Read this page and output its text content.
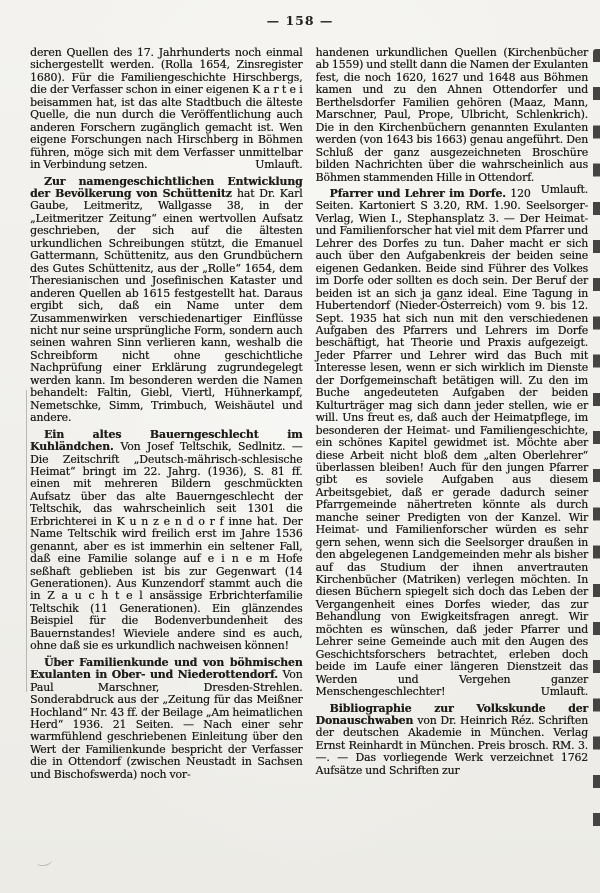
— 158 —

deren Quellen des 17. Jahrhunderts noch einmal sichergestellt werden. (Rolla 1654, Zinsregister 1680). Für die Familiengeschichte Hirschbergs, die der Verfasser schon in einer eigenen K a r t e i beisammen hat, ist das alte Stadtbuch die älteste Quelle, die nun durch die Veröffentlichung auch anderen Forschern zugänglich gemacht ist. Wen eigene Forschungen nach Hirschberg in Böhmen führen, möge sich mit dem Verfasser unmittelbar in Verbindung setzen.	Umlauft.

Zur namengeschichtlichen Entwicklung der Bevölkerung von Schüttenitz hat Dr. Karl Gaube, Leitmeritz, Wallgasse 38, in der „Leitmeritzer Zeitung“ einen wertvollen Aufsatz geschrieben, der sich auf die ältesten urkundlichen Schreibungen stützt, die Emanuel Gattermann, Schüttenitz, aus den Grundbüchern des Gutes Schüttenitz, aus der „Rolle“ 1654, dem Theresianischen und Josefinischen Kataster und anderen Quellen ab 1615 festgestellt hat. Daraus ergibt sich, daß ein Name unter dem Zusammenwirken verschiedenartiger Einflüsse nicht nur seine ursprüngliche Form, sondern auch seinen wahren Sinn verlieren kann, weshalb die Schreibform nicht ohne geschichtliche Nachprüfung einer Erklärung zugrundegelegt werden kann. Im besonderen werden die Namen behandelt: Faltin, Giebl, Viertl, Hühnerkampf, Nemetschke, Simm, Trimbuch, Weishäutel und andere.

Ein altes Bauerngeschlecht im Kuhländchen. Von Josef Teltschik, Sedlnitz. — Die Zeitschrift „Deutsch-mährisch-schlesische Heimat“ bringt im 22. Jahrg. (1936), S. 81 ff. einen mit mehreren Bildern geschmückten Aufsatz über das alte Bauerngeschlecht der Teltschik, das wahrscheinlich seit 1301 die Erbrichterei in K u n z e n d o r f inne hat. Der Name Teltschik wird freilich erst im Jahre 1536 genannt, aber es ist immerhin ein seltener Fall, daß eine Familie solange auf e i n e m Hofe seßhaft geblieben ist bis zur Gegenwart (14 Generationen). Aus Kunzendorf stammt auch die in Z a u c h t e l ansässige Erbrichterfamilie Teltschik (11 Generationen). Ein glänzendes Beispiel für die Bodenverbundenheit des Bauernstandes! Wieviele andere sind es auch, ohne daß sie es urkundlich nachweisen können!

Über Familienkunde und von böhmischen Exulanten in Ober- und Niederottendorf. Von Paul Marschner, Dresden-Strehlen. Sonderabdruck aus der „Zeitung für das Meißner Hochland“ Nr. 43 ff. der Beilage „Am heimatlichen Herd“ 1936. 21 Seiten. — Nach einer sehr warmfühlend geschriebenen Einleitung über den Wert der Familienkunde bespricht der Verfasser die in Ottendorf (zwischen Neustadt in Sachsen und Bischofswerda) noch vor-

handenen urkundlichen Quellen (Kirchenbücher ab 1559) und stellt dann die Namen der Exulanten fest, die noch 1620, 1627 und 1648 aus Böhmen kamen und zu den Ahnen Ottendorfer und Berthelsdorfer Familien gehören (Maaz, Mann, Marschner, Paul, Prope, Ulbricht, Schlenkrich). Die in den Kirchenbüchern genannten Exulanten werden (von 1643 bis 1663) genau angeführt. Den Schluß der ganz ausgezeichneten Broschüre bilden Nachrichten über die wahrscheinlich aus Böhmen stammenden Hille in Ottendorf.
Umlauft.

Pfarrer und Lehrer im Dorfe. 120 Seiten. Kartoniert S 3.20, RM. 1.90. Seelsorger-Verlag, Wien I., Stephansplatz 3. — Der Heimat- und Familienforscher hat viel mit dem Pfarrer und Lehrer des Dorfes zu tun. Daher macht er sich auch über den Aufgabenkreis der beiden seine eigenen Gedanken. Beide sind Führer des Volkes im Dorfe oder sollten es doch sein. Der Beruf der beiden ist an sich ja ganz ideal. Eine Tagung in Hubertendorf (Nieder-Österreich) vom 9. bis 12. Sept. 1935 hat sich nun mit den verschiedenen Aufgaben des Pfarrers und Lehrers im Dorfe beschäftigt, hat Theorie und Praxis aufgezeigt. Jeder Pfarrer und Lehrer wird das Buch mit Interesse lesen, wenn er sich wirklich im Dienste der Dorfgemeinschaft betätigen will. Zu den im Buche angedeuteten Aufgaben der beiden Kulturträger mag sich dann jeder stellen, wie er will. Uns freut es, daß auch der Heimatpflege, im besonderen der Heimat- und Familiengeschichte, ein schönes Kapitel gewidmet ist. Möchte aber diese Arbeit nicht bloß dem „alten Oberlehrer“ überlassen bleiben! Auch für den jungen Pfarrer gibt es soviele Aufgaben aus diesem Arbeitsgebiet, daß er gerade dadurch seiner Pfarrgemeinde nähertreten könnte als durch manche seiner Predigten von der Kanzel. Wir Heimat- und Familienforscher würden es sehr gern sehen, wenn sich die Seelsorger draußen in den abgelegenen Landgemeinden mehr als bisher auf das Studium der ihnen anvertrauten Kirchenbücher (Matriken) verlegen möchten. In diesen Büchern spiegelt sich doch das Leben der Vergangenheit eines Dorfes wieder, das zur Behandlung von Ewigkeitsfragen anregt. Wir möchten es wünschen, daß jeder Pfarrer und Lehrer seine Gemeinde auch mit den Augen des Geschichtsforschers betrachtet, erleben doch beide im Laufe einer längeren Dienstzeit das Werden und Vergehen ganzer Menschengeschlechter!	Umlauft.

Bibliographie zur Volkskunde der Donauschwaben von Dr. Heinrich Réz. Schriften der deutschen Akademie in München. Verlag Ernst Reinhardt in München. Preis brosch. RM. 3.—. — Das vorliegende Werk verzeichnet 1762 Aufsätze und Schriften zur
